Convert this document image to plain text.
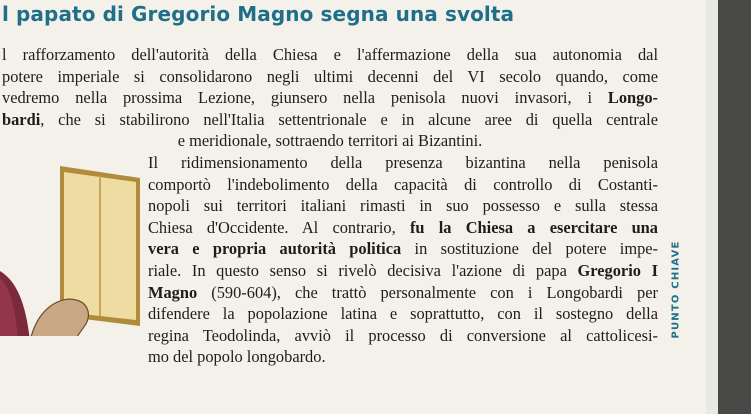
l papato di Gregorio Magno segna una svolta
l rafforzamento dell'autorità della Chiesa e l'affermazione della sua autonomia dal
potere imperiale si consolidarono negli ultimi decenni del VI secolo quando, come
vedremo nella prossima Lezione, giunsero nella penisola nuovi invasori, i Longo-
bardi, che si stabilirono nell'Italia settentrionale e in alcune aree di quella centrale
e meridionale, sottraendo territori ai Bizantini.
Il ridimensionamento della presenza bizantina nella penisola
comportò l'indebolimento della capacità di controllo di Costanti-
nopoli sui territori italiani rimasti in suo possesso e sulla stessa
Chiesa d'Occidente. Al contrario, fu la Chiesa a esercitare una
vera e propria autorità politica in sostituzione del potere impe-
riale. In questo senso si rivelò decisiva l'azione di papa Gregorio I
Magno (590-604), che trattò personalmente con i Longobardi per
difendere la popolazione latina e soprattutto, con il sostegno della
regina Teodolinda, avviò il processo di conversione al cattolicesi-
mo del popolo longobardo.
PUNTO CHIAVE
